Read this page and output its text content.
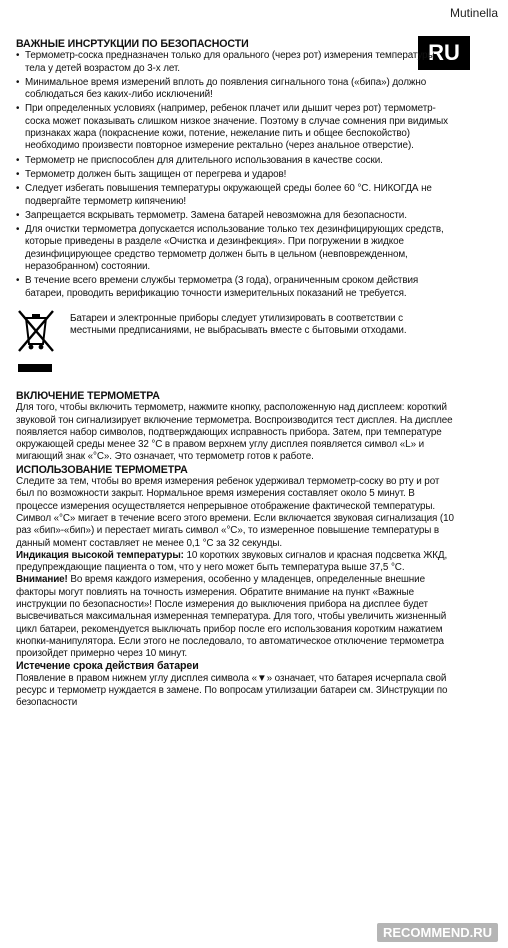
Mutinella
RU

ВАЖНЫЕ ИНСРТУКЦИИ ПО БЕЗОПАСНОСТИ

• Термометр-соска предназначен только для орального (через рот) измерения температуры тела у детей возрастом до 3-х лет.
• Минимальное время измерений вплоть до появления сигнального тона («бипа») должно соблюдаться без каких-либо исключений!
• При определенных условиях (например, ребенок плачет или дышит через рот) термометр-соска может показывать слишком низкое значение. Поэтому в случае сомнения при видимых признаках жара (покраснение кожи, потение, нежелание пить и общее беспокойство) необходимо произвести повторное измерение ректально (через анальное отверстие).
• Термометр не приспособлен для длительного использования в качестве соски.
• Термометр должен быть защищен от перегрева и ударов!
• Следует избегать повышения температуры окружающей среды более 60 °C. НИКОГДА не подвергайте термометр кипячению!
• Запрещается вскрывать термометр. Замена батарей невозможна для безопасности.
• Для очистки термометра допускается использование только тех дезинфицирующих средств, которые приведены в разделе «Очистка и дезинфекция». При погружении в жидкое дезинфицирующее средство термометр должен быть в цельном (невповрежденном, неразобранном) состоянии.
• В течение всего времени службы термометра (3 года), ограниченным сроком действия батареи, проводить верификацию точности измерительных показаний не требуется.

Батареи и электронные приборы следует утилизировать в соответствии с местными предписаниями, не выбрасывать вместе с бытовыми отходами.

ВКЛЮЧЕНИЕ ТЕРМОМЕТРА

Для того, чтобы включить термометр, нажмите кнопку, расположенную над дисплеем: короткий звуковой тон сигнализирует включение термометра. Воспроизводится тест дисплея. На дисплее появляется набор символов, подтверждающих исправность прибора. Затем, при температуре окружающей среды менее 32 °C в правом верхнем углу дисплея появляется символ «L» и мигающий знак «°C». Это означает, что термометр готов к работе.

ИСПОЛЬЗОВАНИЕ ТЕРМОМЕТРА

Следите за тем, чтобы во время измерения ребенок удерживал термометр-соску во рту и рот был по возможности закрыт. Нормальное время измерения составляет около 5 минут. В процессе измерения осуществляется непрерывное отображение фактической температуры. Символ «°C» мигает в течение всего этого времени. Если включается звуковая сигнализация (10 раз «бип»-«бип») и перестает мигать символ «°C», то измеренное повышение температуры в данный момент составляет не менее 0,1 °C за 32 секунды.

Индикация высокой температуры: 10 коротких звуковых сигналов и красная подсветка ЖКД, предупреждающие пациента о том, что у него может быть температура выше 37,5 °C.

Внимание! Во время каждого измерения, особенно у младенцев, определенные внешние факторы могут повлиять на точность измерения. Обратите внимание на пункт «Важные инструкции по безопасности»! После измерения до выключения прибора на дисплее будет высвечиваться максимальная измеренная температура. Для того, чтобы увеличить жизненный цикл батареи, рекомендуется выключать прибор после его использования коротким нажатием кнопки-манипулятора. Если этого не последовало, то автоматическое отключение термометра произойдет примерно через 10 минут.

Истечение срока действия батареи

Появление в правом нижнем углу дисплея символа «▼» означает, что батарея исчерпала свой ресурс и термометр нуждается в замене. По вопросам утилизации батареи см. ЗИнструкции по безопасности

RECOMMEND.RU
